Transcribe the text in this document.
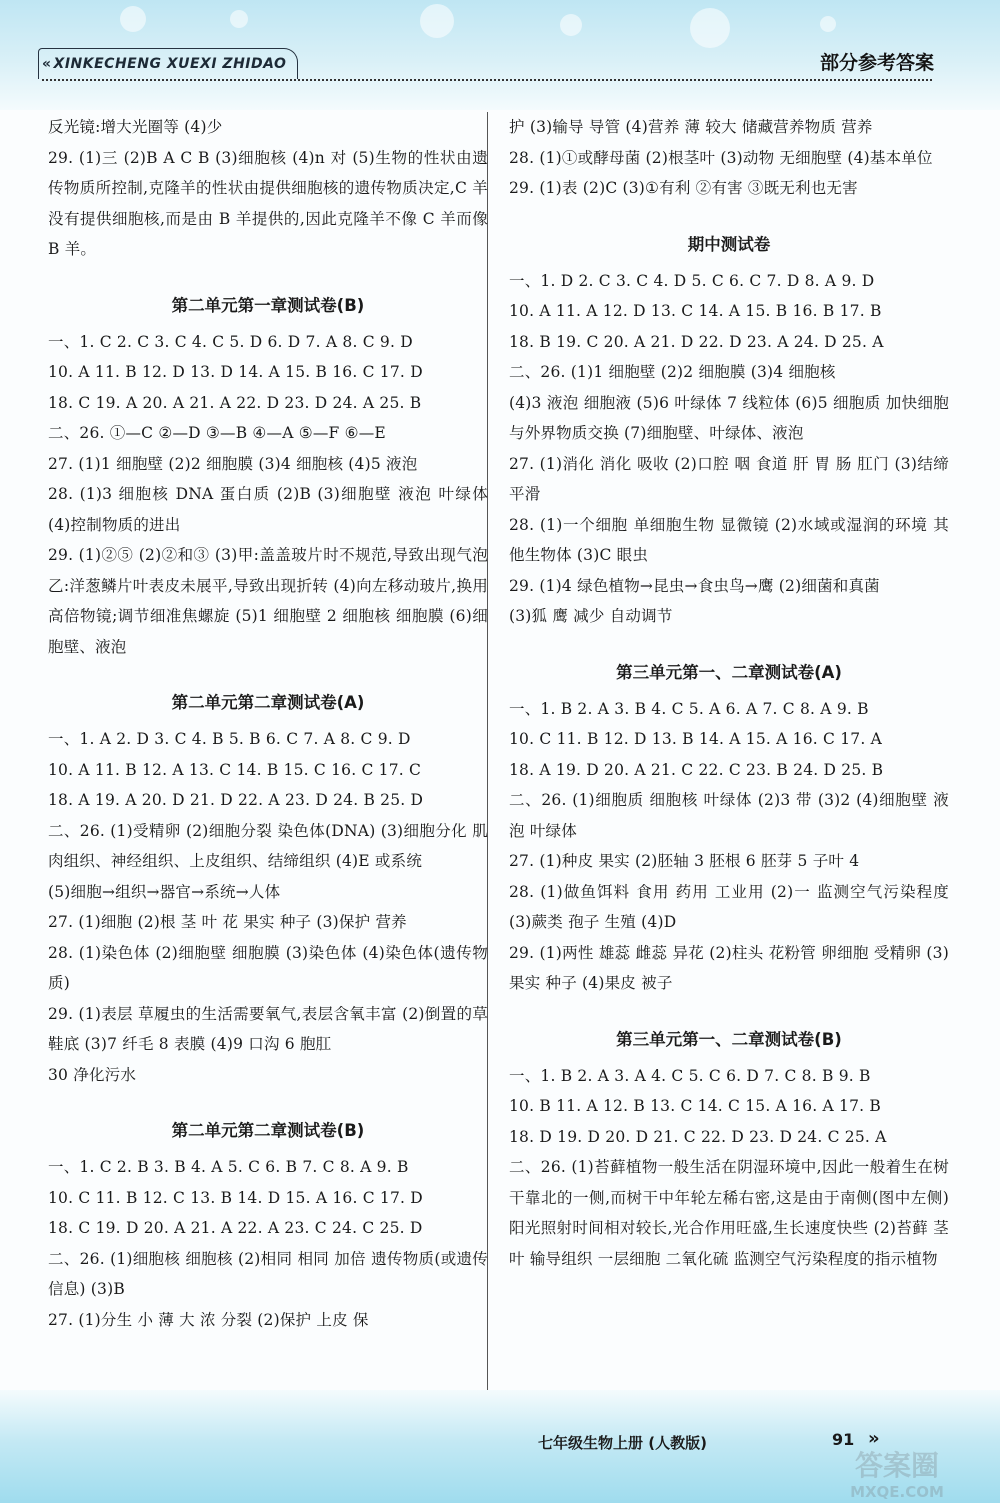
« XINKECHENG XUEXI ZHIDAO	部分参考答案

反光镜:增大光圈等 (4)少

29. (1)三 (2)B A C B (3)细胞核 (4)n 对 (5)生物的性状由遗传物质所控制,克隆羊的性状由提供细胞核的遗传物质决定,C 羊没有提供细胞核,而是由 B 羊提供的,因此克隆羊不像 C 羊而像 B 羊。

第二单元第一章测试卷(B)

一、1. C 2. C 3. C 4. C 5. D 6. D 7. A 8. C 9. D

10. A 11. B 12. D 13. D 14. A 15. B 16. C 17. D

18. C 19. A 20. A 21. A 22. D 23. D 24. A 25. B

二、26. ①—C ②—D ③—B ④—A ⑤—F ⑥—E

27. (1)1 细胞壁 (2)2 细胞膜 (3)4 细胞核 (4)5 液泡

28. (1)3 细胞核 DNA 蛋白质 (2)B (3)细胞壁 液泡 叶绿体 (4)控制物质的进出

29. (1)②⑤ (2)②和③ (3)甲:盖盖玻片时不规范,导致出现气泡 乙:洋葱鳞片叶表皮未展平,导致出现折转 (4)向左移动玻片,换用高倍物镜;调节细准焦螺旋 (5)1 细胞壁 2 细胞核 细胞膜 (6)细胞壁、液泡

第二单元第二章测试卷(A)

一、1. A 2. D 3. C 4. B 5. B 6. C 7. A 8. C 9. D

10. A 11. B 12. A 13. C 14. B 15. C 16. C 17. C

18. A 19. A 20. D 21. D 22. A 23. D 24. B 25. D

二、26. (1)受精卵 (2)细胞分裂 染色体(DNA) (3)细胞分化 肌肉组织、神经组织、上皮组织、结缔组织 (4)E 或系统

(5)细胞→组织→器官→系统→人体

27. (1)细胞 (2)根 茎 叶 花 果实 种子 (3)保护 营养

28. (1)染色体 (2)细胞壁 细胞膜 (3)染色体 (4)染色体(遗传物质)

29. (1)表层 草履虫的生活需要氧气,表层含氧丰富 (2)倒置的草鞋底 (3)7 纤毛 8 表膜 (4)9 口沟 6 胞肛

30 净化污水

第二单元第二章测试卷(B)

一、1. C 2. B 3. B 4. A 5. C 6. B 7. C 8. A 9. B

10. C 11. B 12. C 13. B 14. D 15. A 16. C 17. D

18. C 19. D 20. A 21. A 22. A 23. C 24. C 25. D

二、26. (1)细胞核 细胞核 (2)相同 相同 加倍 遗传物质(或遗传信息) (3)B

27. (1)分生 小 薄 大 浓 分裂 (2)保护 上皮 保

护 (3)输导 导管 (4)营养 薄 较大 储藏营养物质 营养

28. (1)①或酵母菌 (2)根茎叶 (3)动物 无细胞壁 (4)基本单位

29. (1)表 (2)C (3)①有利 ②有害 ③既无利也无害

期中测试卷

一、1. D 2. C 3. C 4. D 5. C 6. C 7. D 8. A 9. D

10. A 11. A 12. D 13. C 14. A 15. B 16. B 17. B

18. B 19. C 20. A 21. D 22. D 23. A 24. D 25. A

二、26. (1)1 细胞壁 (2)2 细胞膜 (3)4 细胞核

(4)3 液泡 细胞液 (5)6 叶绿体 7 线粒体 (6)5 细胞质 加快细胞与外界物质交换 (7)细胞壁、叶绿体、液泡

27. (1)消化 消化 吸收 (2)口腔 咽 食道 肝 胃 肠 肛门 (3)结缔 平滑

28. (1)一个细胞 单细胞生物 显微镜 (2)水域或湿润的环境 其他生物体 (3)C 眼虫

29. (1)4 绿色植物→昆虫→食虫鸟→鹰 (2)细菌和真菌

(3)狐 鹰 减少 自动调节

第三单元第一、二章测试卷(A)

一、1. B 2. A 3. B 4. C 5. A 6. A 7. C 8. A 9. B

10. C 11. B 12. D 13. B 14. A 15. A 16. C 17. A

18. A 19. D 20. A 21. C 22. C 23. B 24. D 25. B

二、26. (1)细胞质 细胞核 叶绿体 (2)3 带 (3)2 (4)细胞壁 液泡 叶绿体

27. (1)种皮 果实 (2)胚轴 3 胚根 6 胚芽 5 子叶 4

28. (1)做鱼饵料 食用 药用 工业用 (2)一 监测空气污染程度 (3)蕨类 孢子 生殖 (4)D

29. (1)两性 雄蕊 雌蕊 异花 (2)柱头 花粉管 卵细胞 受精卵 (3)果实 种子 (4)果皮 被子

第三单元第一、二章测试卷(B)

一、1. B 2. A 3. A 4. C 5. C 6. D 7. C 8. B 9. B

10. B 11. A 12. B 13. C 14. C 15. A 16. A 17. B

18. D 19. D 20. D 21. C 22. D 23. D 24. C 25. A

二、26. (1)苔藓植物一般生活在阴湿环境中,因此一般着生在树干靠北的一侧,而树干中年轮左稀右密,这是由于南侧(图中左侧)阳光照射时间相对较长,光合作用旺盛,生长速度快些 (2)苔藓 茎 叶 输导组织 一层细胞 二氧化硫 监测空气污染程度的指示植物

七年级生物上册 (人教版)	91 »
答案圈
MXQE.COM
